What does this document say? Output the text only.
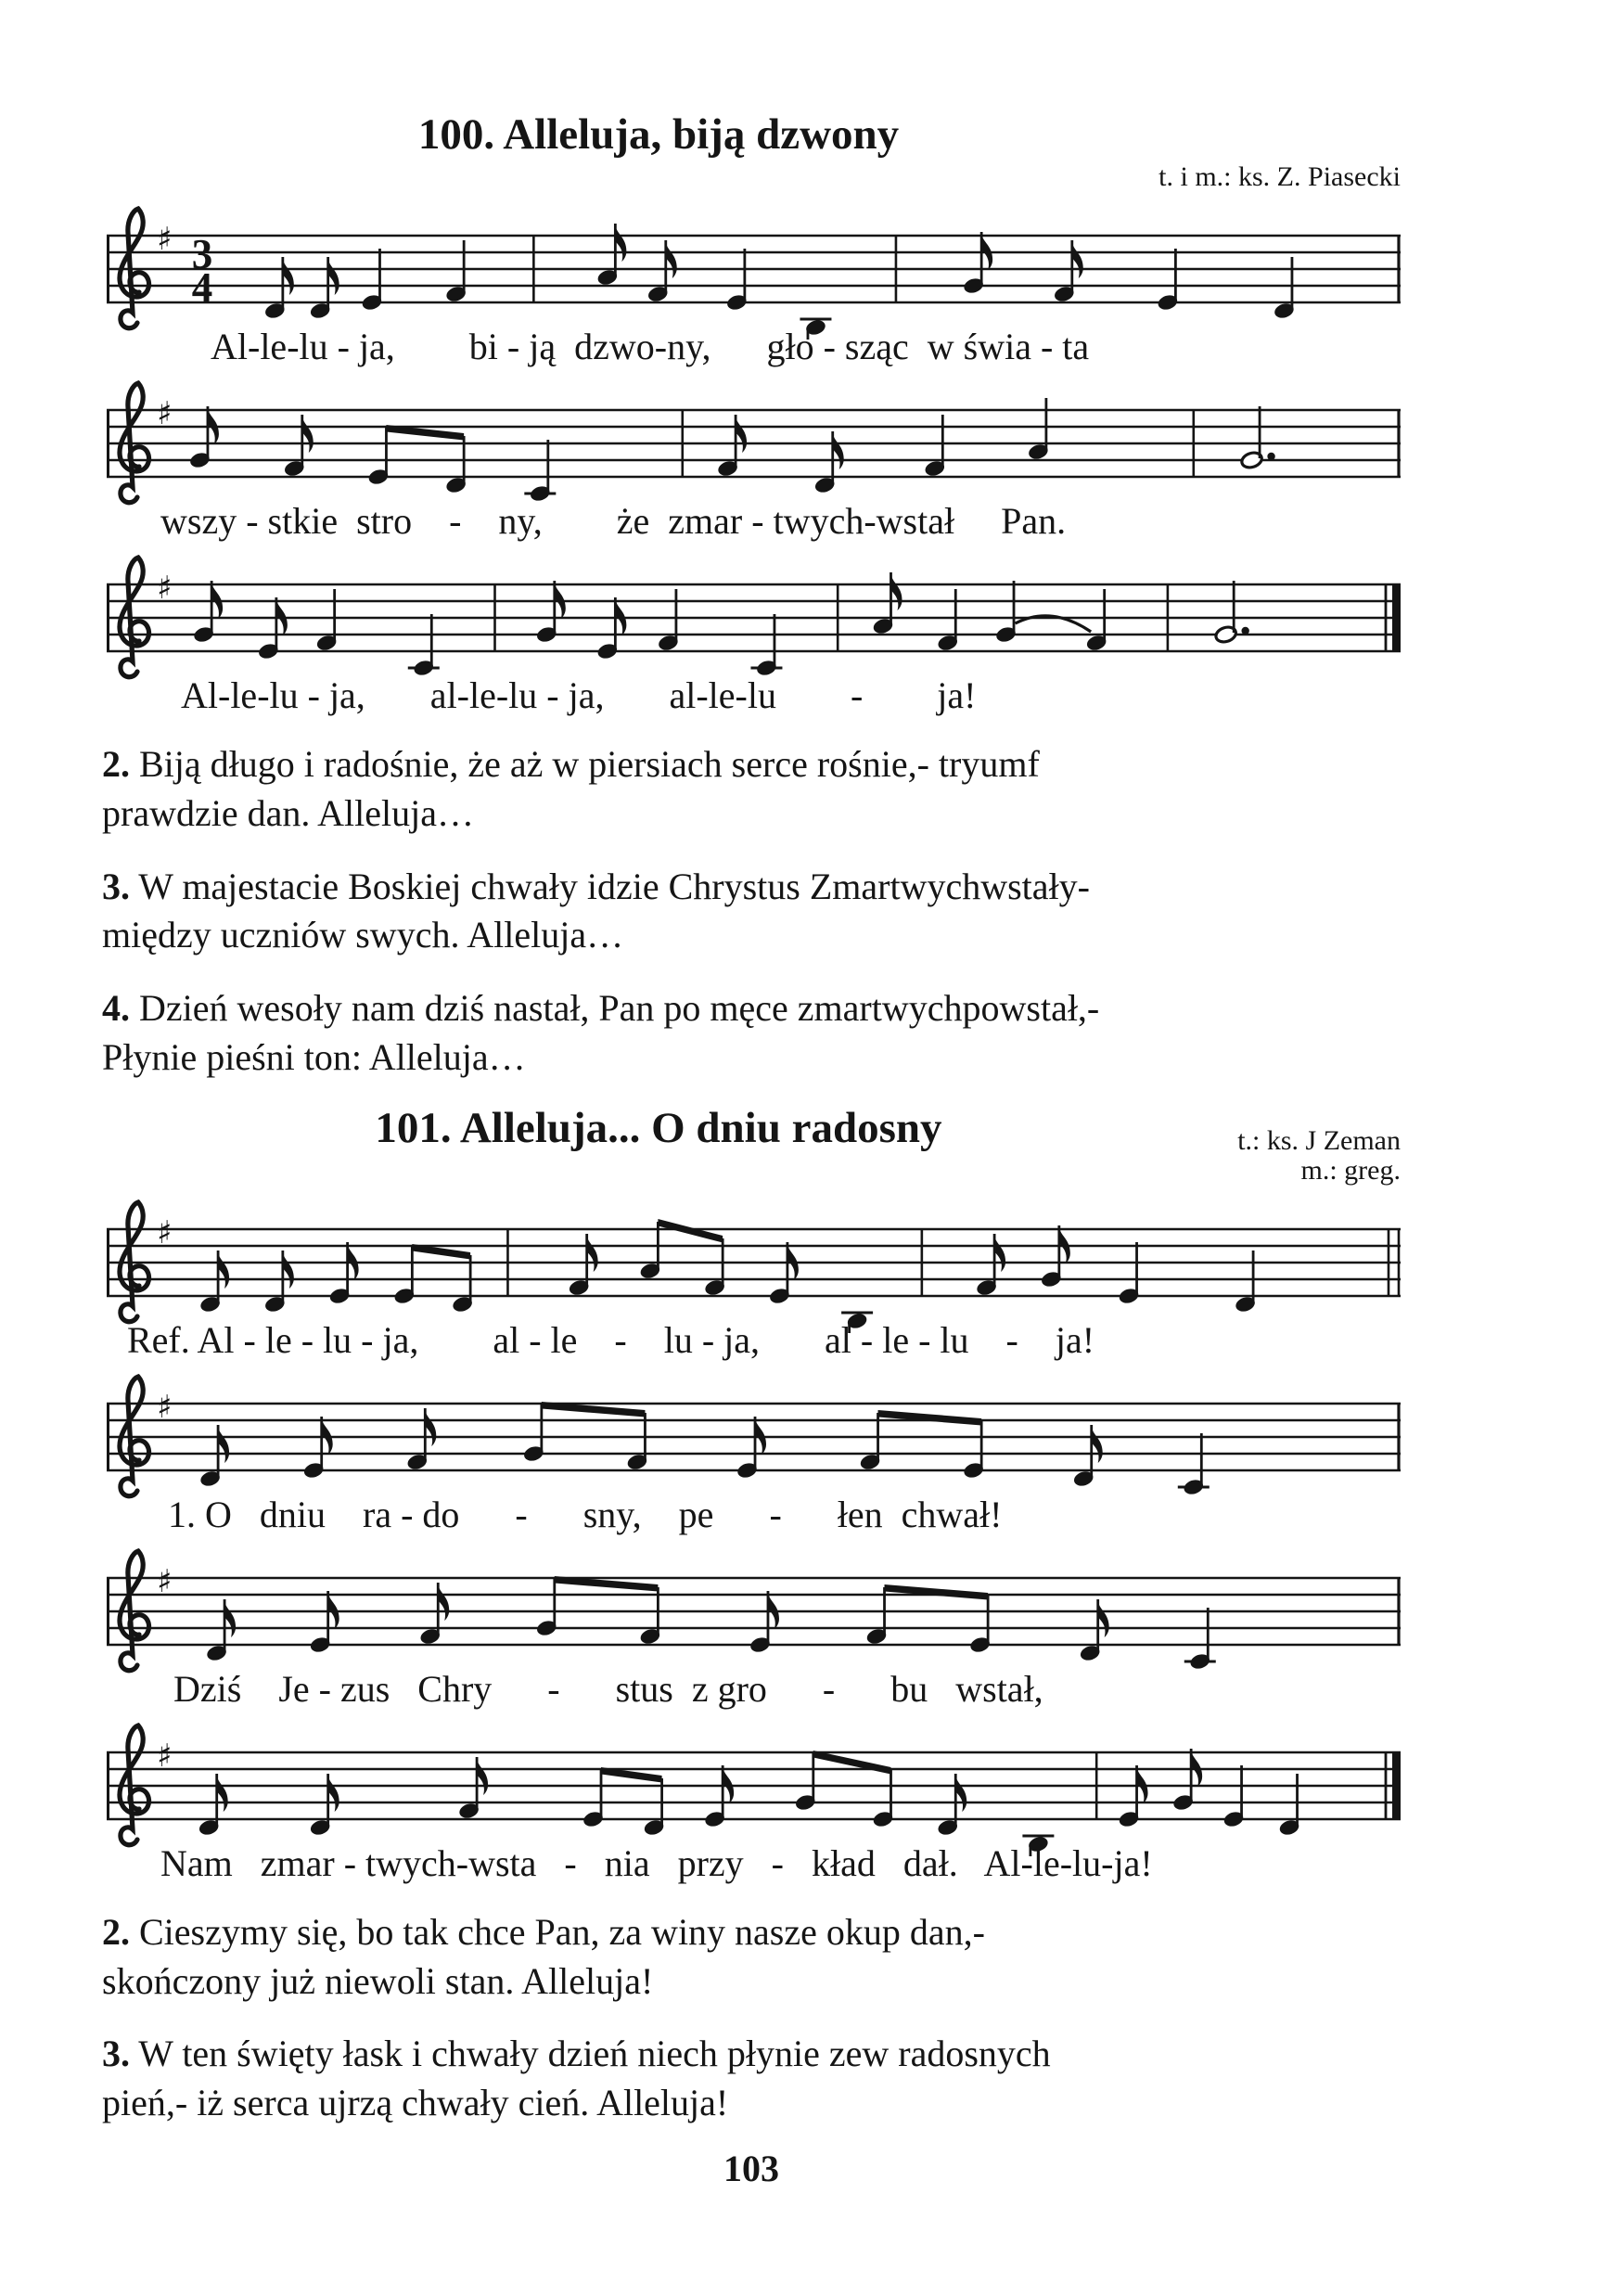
100. Alleluja, biją dzwony
t. i m.: ks. Z. Piasecki
♯ 3
4
Al-le-lu - ja,        bi - ją  dzwo-ny,      gło - sząc  w świa - ta
♯
wszy - stkie  stro    -    ny,        że  zmar - twych-wstał     Pan.
♯
Al-le-lu - ja,       al-le-lu - ja,       al-le-lu        -        ja!
2. Biją długo i radośnie, że aż w piersiach serce rośnie,- tryumf
prawdzie dan. Alleluja…
3. W majestacie Boskiej chwały idzie Chrystus Zmartwychwstały-
między uczniów swych. Alleluja…
4. Dzień wesoły nam dziś nastał, Pan po męce zmartwychpowstał,-
Płynie pieśni ton: Alleluja…
101. Alleluja... O dniu radosny	t.: ks. J Zeman
m.: greg.
♯
Ref. Al - le - lu - ja,        al - le    -    lu - ja,       al - le - lu    -    ja!
♯
1. O   dniu    ra - do      -      sny,    pe      -      łen  chwał!
♯
Dziś    Je - zus   Chry      -      stus  z gro      -      bu   wstał,
♯
Nam   zmar - twych-wsta   -   nia   przy   -   kład   dał.   Al-le-lu-ja!
2. Cieszymy się, bo tak chce Pan, za winy nasze okup dan,-
skończony już niewoli stan. Alleluja!
3. W ten święty łask i chwały dzień niech płynie zew radosnych
pień,- iż serca ujrzą chwały cień. Alleluja!
103
